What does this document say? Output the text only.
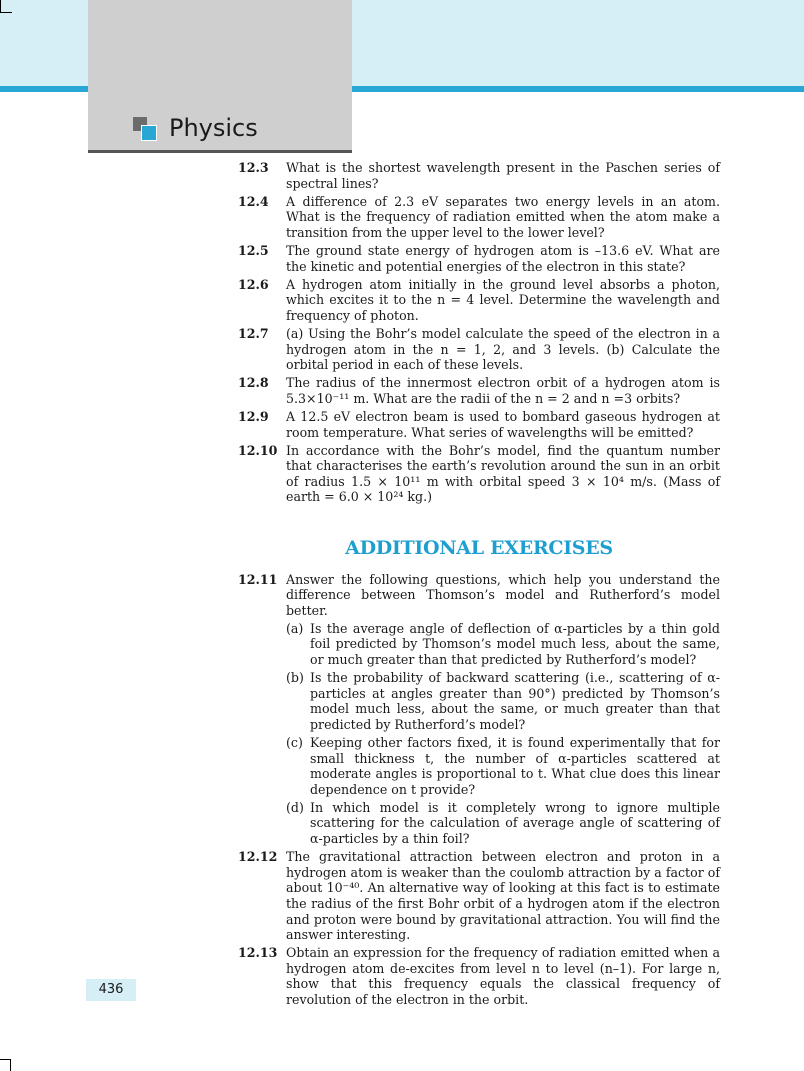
Physics
12.3	What is the shortest wavelength present in the Paschen series of spectral lines?
12.4	A difference of 2.3 eV separates two energy levels in an atom. What is the frequency of radiation emitted when the atom make a transition from the upper level to the lower level?
12.5	The ground state energy of hydrogen atom is –13.6 eV. What are the kinetic and potential energies of the electron in this state?
12.6	A hydrogen atom initially in the ground level absorbs a photon, which excites it to the n = 4 level. Determine the wavelength and frequency of photon.
12.7	(a) Using the Bohr’s model calculate the speed of the electron in a hydrogen atom in the n = 1, 2, and 3 levels. (b) Calculate the orbital period in each of these levels.
12.8	The radius of the innermost electron orbit of a hydrogen atom is 5.3×10⁻¹¹ m. What are the radii of the n = 2 and n =3 orbits?
12.9	A 12.5 eV electron beam is used to bombard gaseous hydrogen at room temperature. What series of wavelengths will be emitted?
12.10 In accordance with the Bohr’s model, find the quantum number that characterises the earth’s revolution around the sun in an orbit of radius 1.5 × 10¹¹ m with orbital speed 3 × 10⁴ m/s. (Mass of earth = 6.0 × 10²⁴ kg.)
ADDITIONAL EXERCISES
12.11 Answer the following questions, which help you understand the difference between Thomson’s model and Rutherford’s model better.
(a) Is the average angle of deflection of α-particles by a thin gold foil predicted by Thomson’s model much less, about the same, or much greater than that predicted by Rutherford’s model?
(b) Is the probability of backward scattering (i.e., scattering of α-particles at angles greater than 90°) predicted by Thomson’s model much less, about the same, or much greater than that predicted by Rutherford’s model?
(c) Keeping other factors fixed, it is found experimentally that for small thickness t, the number of α-particles scattered at moderate angles is proportional to t. What clue does this linear dependence on t provide?
(d) In which model is it completely wrong to ignore multiple scattering for the calculation of average angle of scattering of α-particles by a thin foil?
12.12 The gravitational attraction between electron and proton in a hydrogen atom is weaker than the coulomb attraction by a factor of about 10⁻⁴⁰. An alternative way of looking at this fact is to estimate the radius of the first Bohr orbit of a hydrogen atom if the electron and proton were bound by gravitational attraction. You will find the answer interesting.
12.13 Obtain an expression for the frequency of radiation emitted when a hydrogen atom de-excites from level n to level (n–1). For large n, show that this frequency equals the classical frequency of revolution of the electron in the orbit.
436
